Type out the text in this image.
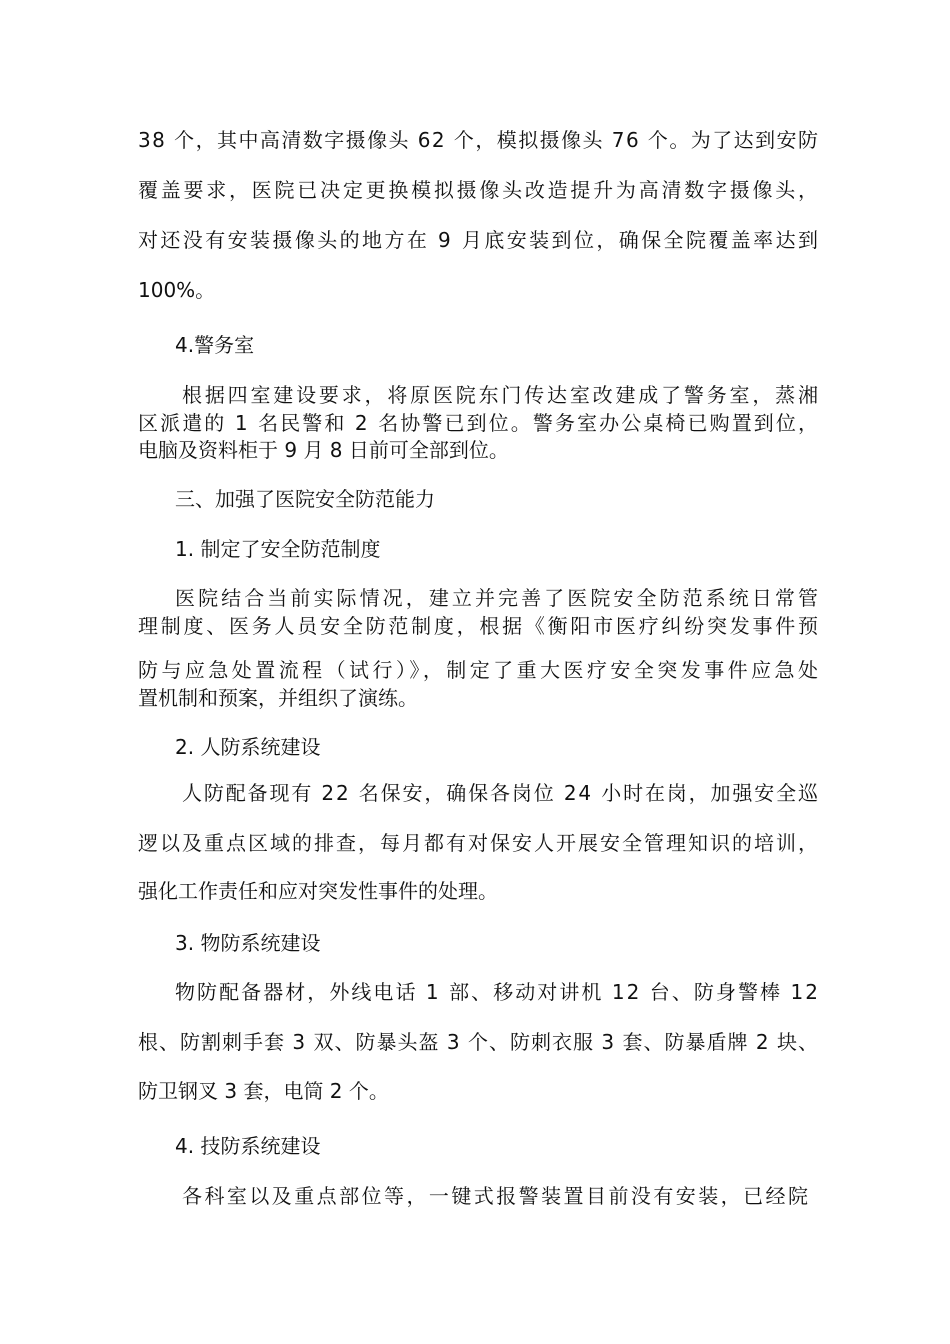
38 个，其中高清数字摄像头 62 个，模拟摄像头 76 个。为了达到安防
覆盖要求，医院已决定更换模拟摄像头改造提升为高清数字摄像头，
对还没有安装摄像头的地方在 9 月底安装到位，确保全院覆盖率达到
100%。
4.警务室
根据四室建设要求，将原医院东门传达室改建成了警务室，蒸湘
区派遣的 1 名民警和 2 名协警已到位。警务室办公桌椅已购置到位，
电脑及资料柜于 9 月 8 日前可全部到位。
三、加强了医院安全防范能力
1. 制定了安全防范制度
医院结合当前实际情况，建立并完善了医院安全防范系统日常管
理制度、医务人员安全防范制度，根据《衡阳市医疗纠纷突发事件预
防与应急处置流程（试行）》，制定了重大医疗安全突发事件应急处
置机制和预案，并组织了演练。
2. 人防系统建设
人防配备现有 22 名保安，确保各岗位 24 小时在岗，加强安全巡
逻以及重点区域的排查，每月都有对保安人开展安全管理知识的培训，
强化工作责任和应对突发性事件的处理。
3. 物防系统建设
物防配备器材，外线电话 1 部、移动对讲机 12 台、防身警棒 12
根、防割刺手套 3 双、防暴头盔 3 个、防刺衣服 3 套、防暴盾牌 2 块、
防卫钢叉 3 套，电筒 2 个。
4. 技防系统建设
各科室以及重点部位等，一键式报警装置目前没有安装，已经院
